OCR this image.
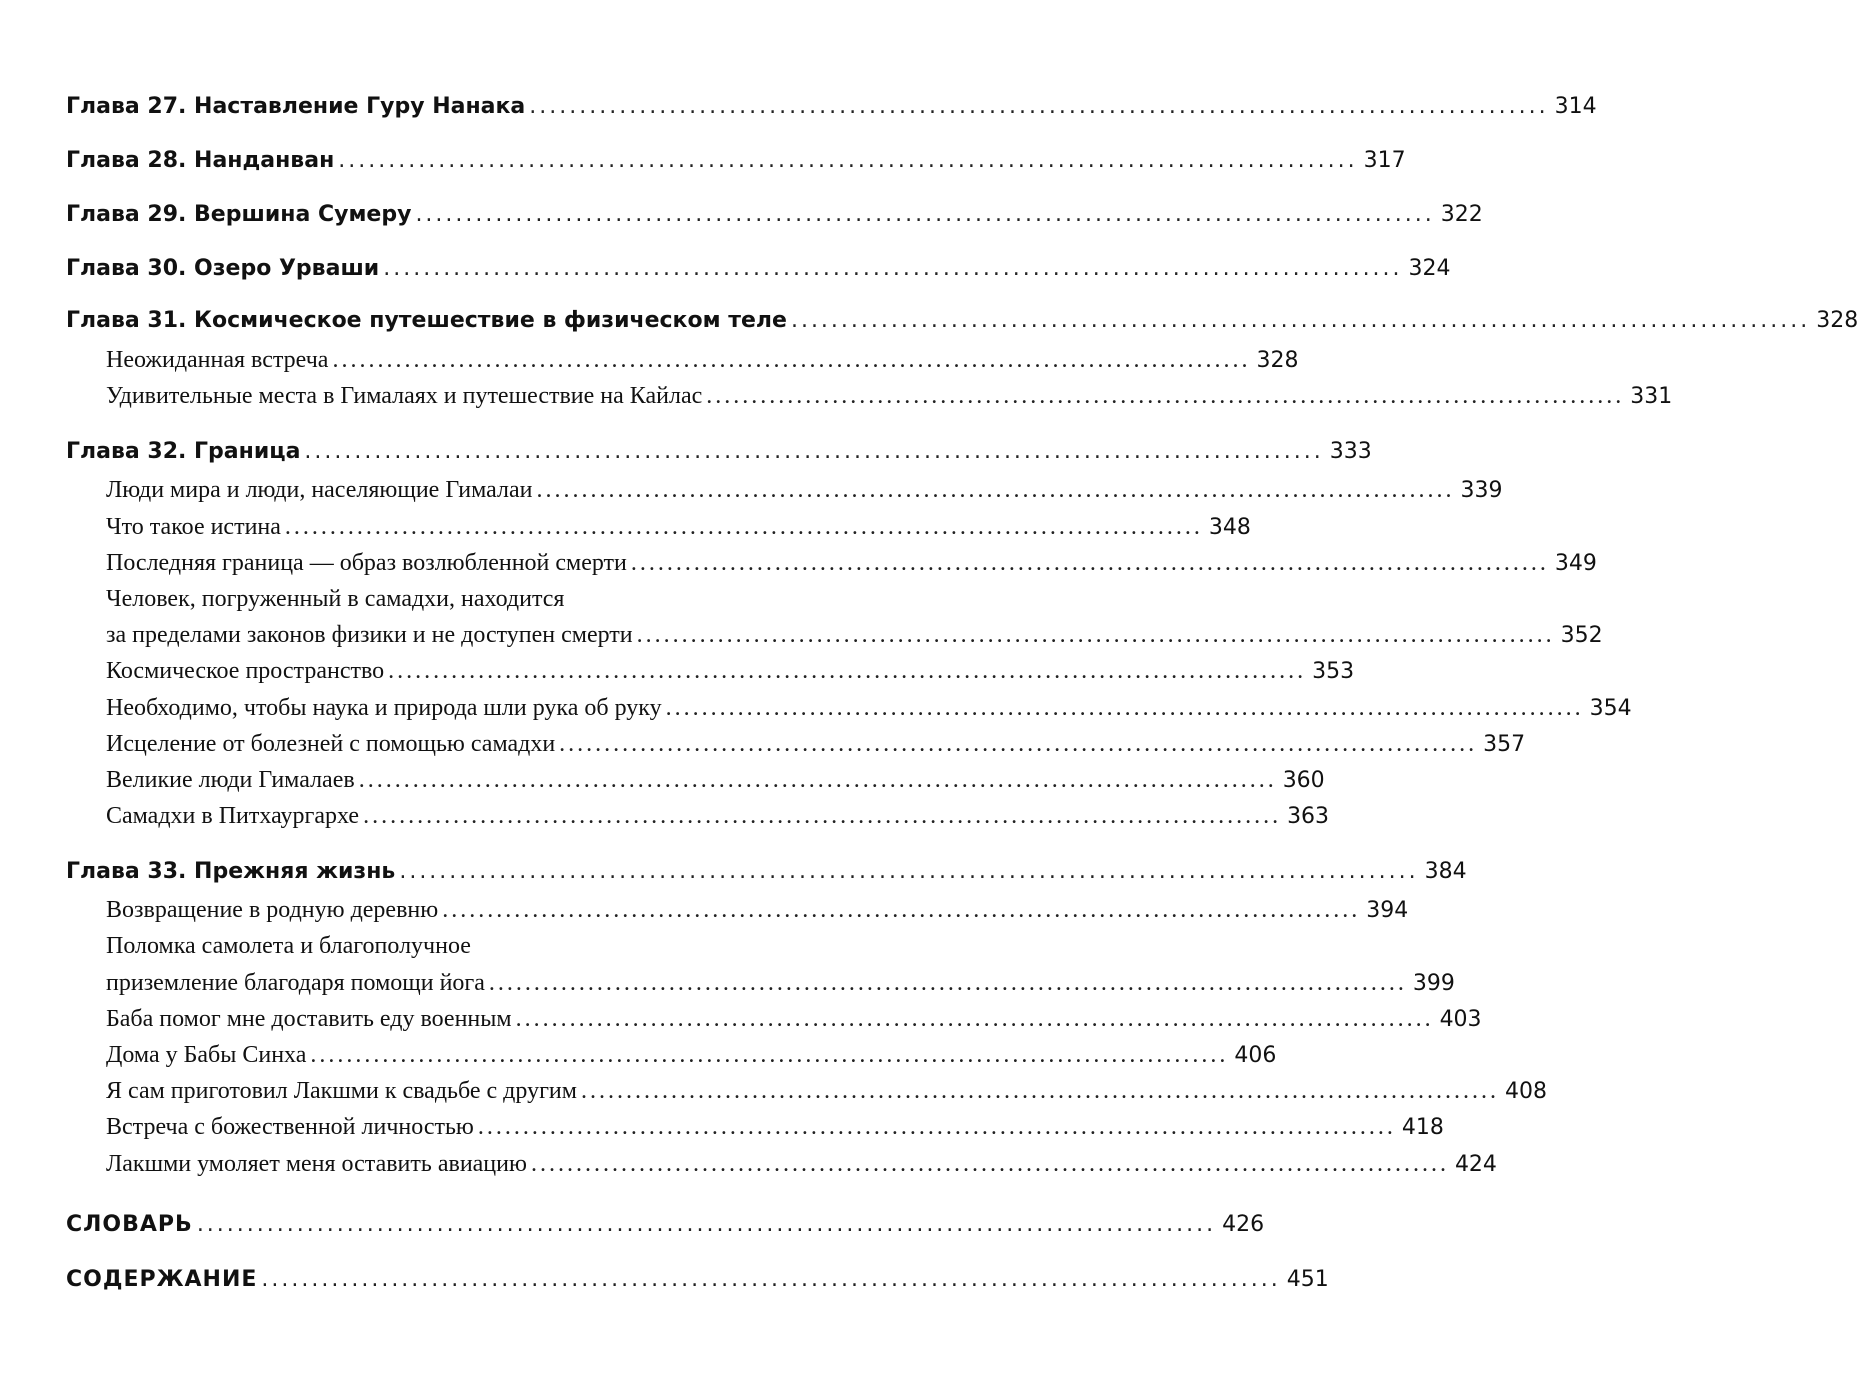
Глава 27. Наставление Гуру Нанака ...................................................................................................... 314
Глава 28. Нанданван ...................................................................................................... 317
Глава 29. Вершина Сумеру ...................................................................................................... 322
Глава 30. Озеро Урваши ...................................................................................................... 324
Глава 31. Космическое путешествие в физическом теле ...................................................................................................... 328
Неожиданная встреча ...................................................................................................... 328
Удивительные места в Гималаях и путешествие на Кайлас ...................................................................................................... 331
Глава 32. Граница ...................................................................................................... 333
Люди мира и люди, населяющие Гималаи ...................................................................................................... 339
Что такое истина ...................................................................................................... 348
Последняя граница — образ возлюбленной смерти ...................................................................................................... 349
Человек, погруженный в самадхи, находится
за пределами законов физики и не доступен смерти ...................................................................................................... 352
Космическое пространство ...................................................................................................... 353
Необходимо, чтобы наука и природа шли рука об руку ...................................................................................................... 354
Исцеление от болезней с помощью самадхи ...................................................................................................... 357
Великие люди Гималаев ...................................................................................................... 360
Самадхи в Питхаургархе ...................................................................................................... 363
Глава 33. Прежняя жизнь ...................................................................................................... 384
Возвращение в родную деревню ...................................................................................................... 394
Поломка самолета и благополучное
приземление благодаря помощи йога ...................................................................................................... 399
Баба помог мне доставить еду военным ...................................................................................................... 403
Дома у Бабы Синха ...................................................................................................... 406
Я сам приготовил Лакшми к свадьбе с другим ...................................................................................................... 408
Встреча с божественной личностью ...................................................................................................... 418
Лакшми умоляет меня оставить авиацию ...................................................................................................... 424
СЛОВАРЬ ...................................................................................................... 426
СОДЕРЖАНИЕ ...................................................................................................... 451
